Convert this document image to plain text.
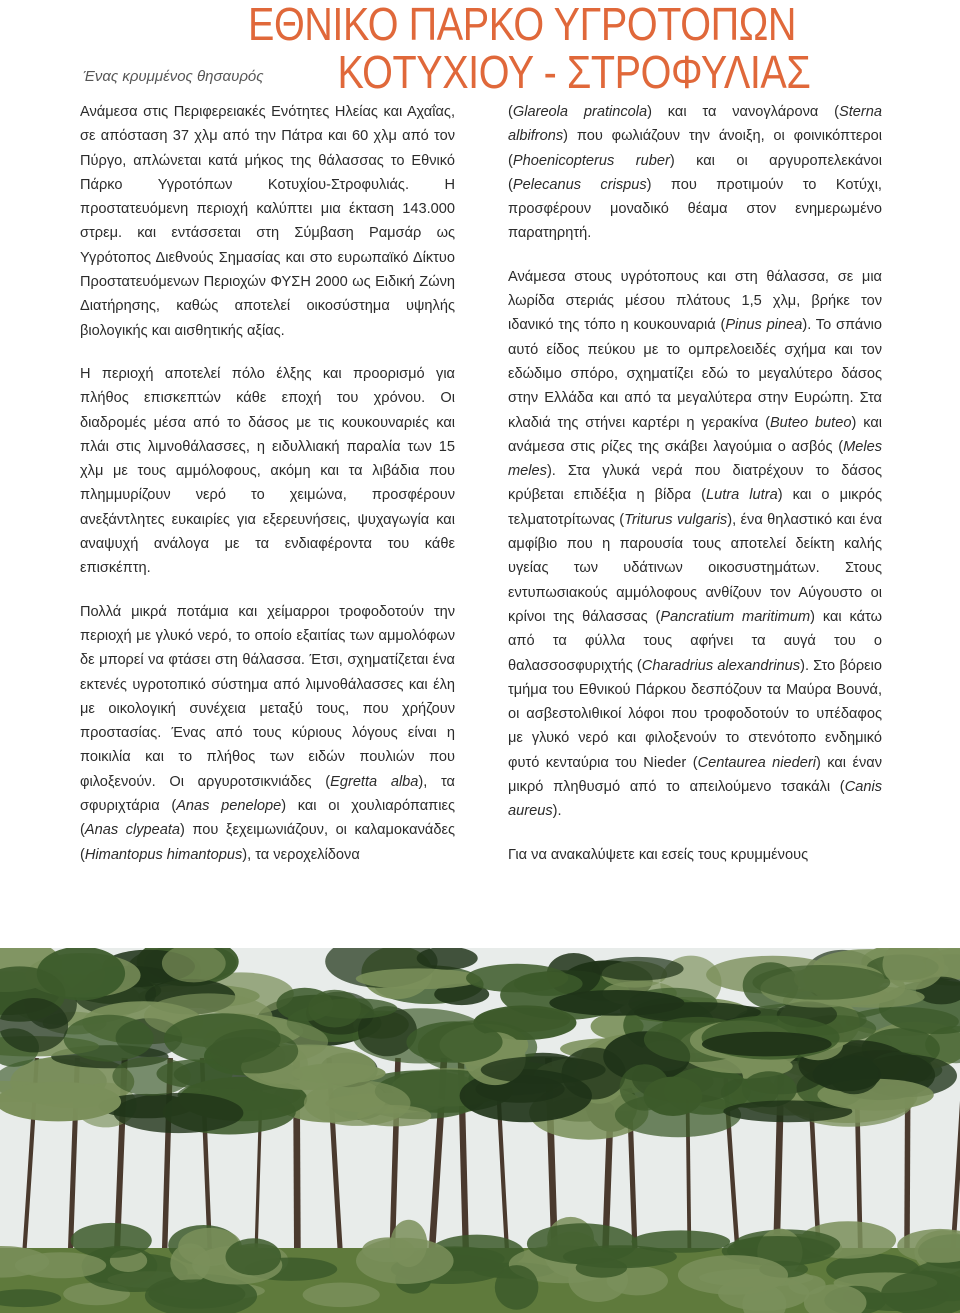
ΕΘΝΙΚΟ ΠΑΡΚΟ ΥΓΡΟΤΟΠΩΝ
ΚΟΤΥΧΙΟΥ - ΣΤΡΟΦΥΛΙΑΣ
Ένας κρυμμένος θησαυρός

Ανάμεσα στις Περιφερειακές Ενότητες Ηλείας και Αχαΐας, σε απόσταση 37 χλμ από την Πάτρα και 60 χλμ από τον Πύργο, απλώνεται κατά μήκος της θάλασσας το Εθνικό Πάρκο Υγροτόπων Κοτυχίου-Στροφυλιάς. Η προστατευόμενη περιοχή καλύπτει μια έκταση 143.000 στρεμ. και εντάσσεται στη Σύμβαση Ραμσάρ ως Υγρότοπος Διεθνούς Σημασίας και στο ευρωπαϊκό Δίκτυο Προστατευόμενων Περιοχών ΦΥΣΗ 2000 ως Ειδική Ζώνη Διατήρησης, καθώς αποτελεί οικοσύστημα υψηλής βιολογικής και αισθητικής αξίας.

Η περιοχή αποτελεί πόλο έλξης και προορισμό για πλήθος επισκεπτών κάθε εποχή του χρόνου. Οι διαδρομές μέσα από το δάσος με τις κουκουναριές και πλάι στις λιμνοθάλασσες, η ειδυλλιακή παραλία των 15 χλμ με τους αμμόλοφους, ακόμη και τα λιβάδια που πλημμυρίζουν νερό το χειμώνα, προσφέρουν ανεξάντλητες ευκαιρίες για εξερευνήσεις, ψυχαγωγία και αναψυχή ανάλογα με τα ενδιαφέροντα του κάθε επισκέπτη.

Πολλά μικρά ποτάμια και χείμαρροι τροφοδοτούν την περιοχή με γλυκό νερό, το οποίο εξαιτίας των αμμολόφων δε μπορεί να φτάσει στη θάλασσα. Έτσι, σχηματίζεται ένα εκτενές υγροτοπικό σύστημα από λιμνοθάλασσες και έλη με οικολογική συνέχεια μεταξύ τους, που χρήζουν προστασίας. Ένας από τους κύριους λόγους είναι η ποικιλία και το πλήθος των ειδών πουλιών που φιλοξενούν. Οι αργυροτσικνιάδες (Egretta alba), τα σφυριχτάρια (Anas penelope) και οι χουλιαρόπαπιες (Anas clypeata) που ξεχειμωνιάζουν, οι καλαμοκανάδες (Himantopus himantopus), τα νεροχελίδονα

(Glareola pratincola) και τα νανογλάρονα (Sterna albifrons) που φωλιάζουν την άνοιξη, οι φοινικόπτεροι (Phoenicopterus ruber) και οι αργυροπελεκάνοι (Pelecanus crispus) που προτιμούν το Κοτύχι, προσφέρουν μοναδικό θέαμα στον ενημερωμένο παρατηρητή.

Ανάμεσα στους υγρότοπους και στη θάλασσα, σε μια λωρίδα στεριάς μέσου πλάτους 1,5 χλμ, βρήκε τον ιδανικό της τόπο η κουκουναριά (Pinus pinea). Το σπάνιο αυτό είδος πεύκου με το ομπρελοειδές σχήμα και τον εδώδιμο σπόρο, σχηματίζει εδώ το μεγαλύτερο δάσος στην Ελλάδα και από τα μεγαλύτερα στην Ευρώπη. Στα κλαδιά της στήνει καρτέρι η γερακίνα (Buteo buteo) και ανάμεσα στις ρίζες της σκάβει λαγούμια ο ασβός (Meles meles). Στα γλυκά νερά που διατρέχουν το δάσος κρύβεται επιδέξια η βίδρα (Lutra lutra) και ο μικρός τελματοτρίτωνας (Triturus vulgaris), ένα θηλαστικό και ένα αμφίβιο που η παρουσία τους αποτελεί δείκτη καλής υγείας των υδάτινων οικοσυστημάτων. Στους εντυπωσιακούς αμμόλοφους ανθίζουν τον Αύγουστο οι κρίνοι της θάλασσας (Pancratium maritimum) και κάτω από τα φύλλα τους αφήνει τα αυγά του ο θαλασσοσφυριχτής (Charadrius alexandrinus). Στο βόρειο τμήμα του Εθνικού Πάρκου δεσπόζουν τα Μαύρα Βουνά, οι ασβεστολιθικοί λόφοι που τροφοδοτούν το υπέδαφος με γλυκό νερό και φιλοξενούν το στενότοπο ενδημικό φυτό κενταύρια του Nieder (Centaurea niederi) και έναν μικρό πληθυσμό από το απειλούμενο τσακάλι (Canis aureus).

Για να ανακαλύψετε και εσείς τους κρυμμένους
